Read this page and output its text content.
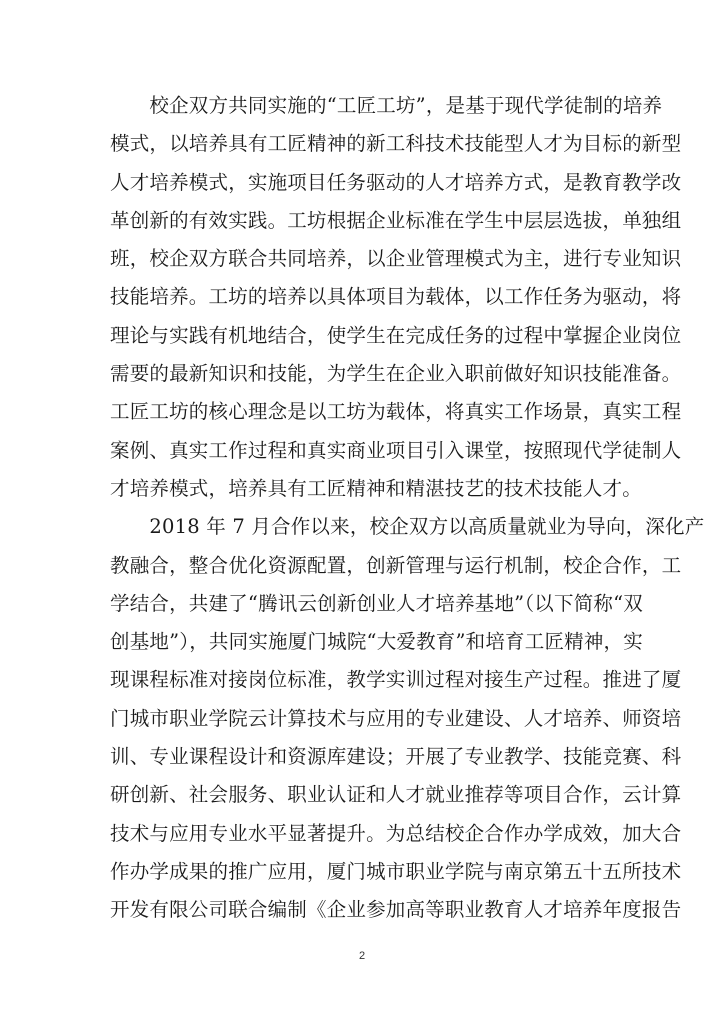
　　校企双方共同实施的“工匠工坊”，是基于现代学徒制的培养
模式，以培养具有工匠精神的新工科技术技能型人才为目标的新型
人才培养模式，实施项目任务驱动的人才培养方式，是教育教学改
革创新的有效实践。工坊根据企业标准在学生中层层选拔，单独组
班，校企双方联合共同培养，以企业管理模式为主，进行专业知识
技能培养。工坊的培养以具体项目为载体，以工作任务为驱动，将
理论与实践有机地结合，使学生在完成任务的过程中掌握企业岗位
需要的最新知识和技能，为学生在企业入职前做好知识技能准备。
工匠工坊的核心理念是以工坊为载体，将真实工作场景，真实工程
案例、真实工作过程和真实商业项目引入课堂，按照现代学徒制人
才培养模式，培养具有工匠精神和精湛技艺的技术技能人才。
　　2018 年 7 月合作以来，校企双方以高质量就业为导向，深化产
教融合，整合优化资源配置，创新管理与运行机制，校企合作，工
学结合，共建了“腾讯云创新创业人才培养基地”（以下简称“双
创基地”），共同实施厦门城院“大爱教育”和培育工匠精神，实
现课程标准对接岗位标准，教学实训过程对接生产过程。推进了厦
门城市职业学院云计算技术与应用的专业建设、人才培养、师资培
训、专业课程设计和资源库建设；开展了专业教学、技能竞赛、科
研创新、社会服务、职业认证和人才就业推荐等项目合作，云计算
技术与应用专业水平显著提升。为总结校企合作办学成效，加大合
作办学成果的推广应用，厦门城市职业学院与南京第五十五所技术
开发有限公司联合编制《企业参加高等职业教育人才培养年度报告
2
